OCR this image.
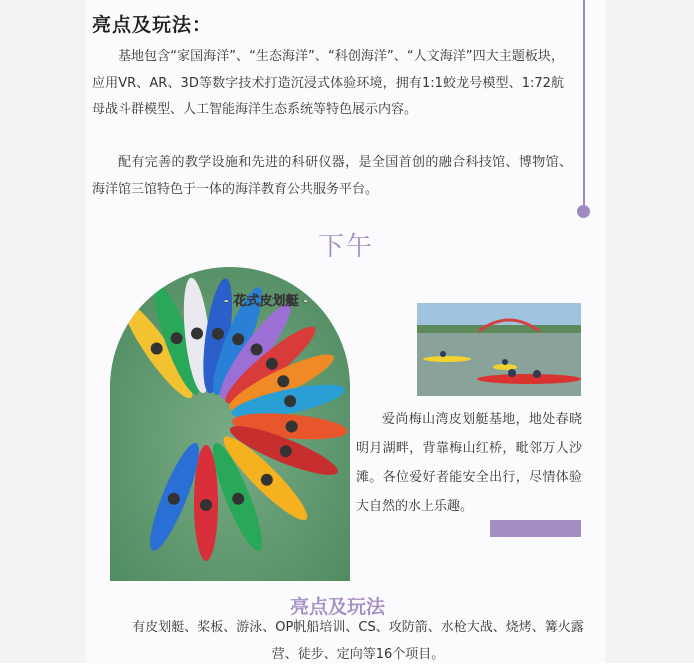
亮点及玩法：
基地包含“家国海洋”、“生态海洋”、“科创海洋”、“人文海洋”四大主题板块，应用VR、AR、3D等数字技术打造沉浸式体验环境，拥有1:1蛟龙号模型、1:72航母战斗群模型、人工智能海洋生态系统等特色展示内容。
配有完善的教学设施和先进的科研仪器，是全国首创的融合科技馆、博物馆、海洋馆三馆特色于一体的海洋教育公共服务平台。
下午
- 花式皮划艇 -
爱尚梅山湾皮划艇基地，地处春晓明月湖畔，背靠梅山红桥，毗邻万人沙滩。各位爱好者能安全出行，尽情体验大自然的水上乐趣。
亮点及玩法
有皮划艇、桨板、游泳、OP帆船培训、CS、攻防箭、水枪大战、烧烤、篝火露营、徒步、定向等16个项目。
